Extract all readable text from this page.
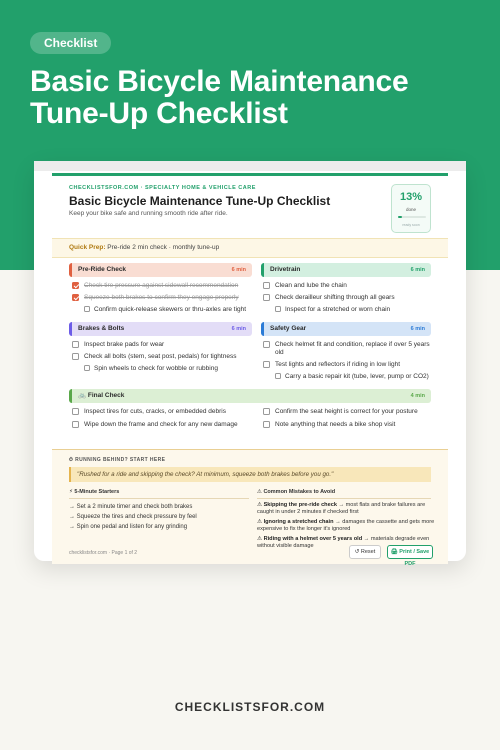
Checklist
Basic Bicycle Maintenance Tune-Up Checklist
CHECKLISTSFOR.COM · SPECIALTY HOME & VEHICLE CARE
Basic Bicycle Maintenance Tune-Up Checklist
Keep your bike safe and running smooth ride after ride.
13%
done
ready soon
Quick Prep: Pre-ride 2 min check · monthly tune-up
Pre-Ride Check	6 min
Check tire pressure against sidewall recommendation
Squeeze both brakes to confirm they engage properly
Confirm quick-release skewers or thru-axles are tight
Drivetrain	6 min
Clean and lube the chain
Check derailleur shifting through all gears
Inspect for a stretched or worn chain
Brakes & Bolts	6 min
Inspect brake pads for wear
Check all bolts (stem, seat post, pedals) for tightness
Spin wheels to check for wobble or rubbing
Safety Gear	6 min
Check helmet fit and condition, replace if over 5 years old
Test lights and reflectors if riding in low light
Carry a basic repair kit (tube, lever, pump or CO2)
🚲 Final Check	4 min
Inspect tires for cuts, cracks, or embedded debris
Wipe down the frame and check for any new damage
Confirm the seat height is correct for your posture
Note anything that needs a bike shop visit
⏱ RUNNING BEHIND? START HERE
"Rushed for a ride and skipping the check? At minimum, squeeze both brakes before you go."
⚡ 5-Minute Starters
→ Set a 2 minute timer and check both brakes
→ Squeeze the tires and check pressure by feel
→ Spin one pedal and listen for any grinding
⚠ Common Mistakes to Avoid
⚠ Skipping the pre-ride check → most flats and brake failures are caught in under 2 minutes if checked first
⚠ Ignoring a stretched chain → damages the cassette and gets more expensive to fix the longer it's ignored
⚠ Riding with a helmet over 5 years old → materials degrade even without visible damage
checklistsfor.com · Page 1 of 2	↺ Reset	🖨 Print / Save PDF
CHECKLISTSFOR.COM
